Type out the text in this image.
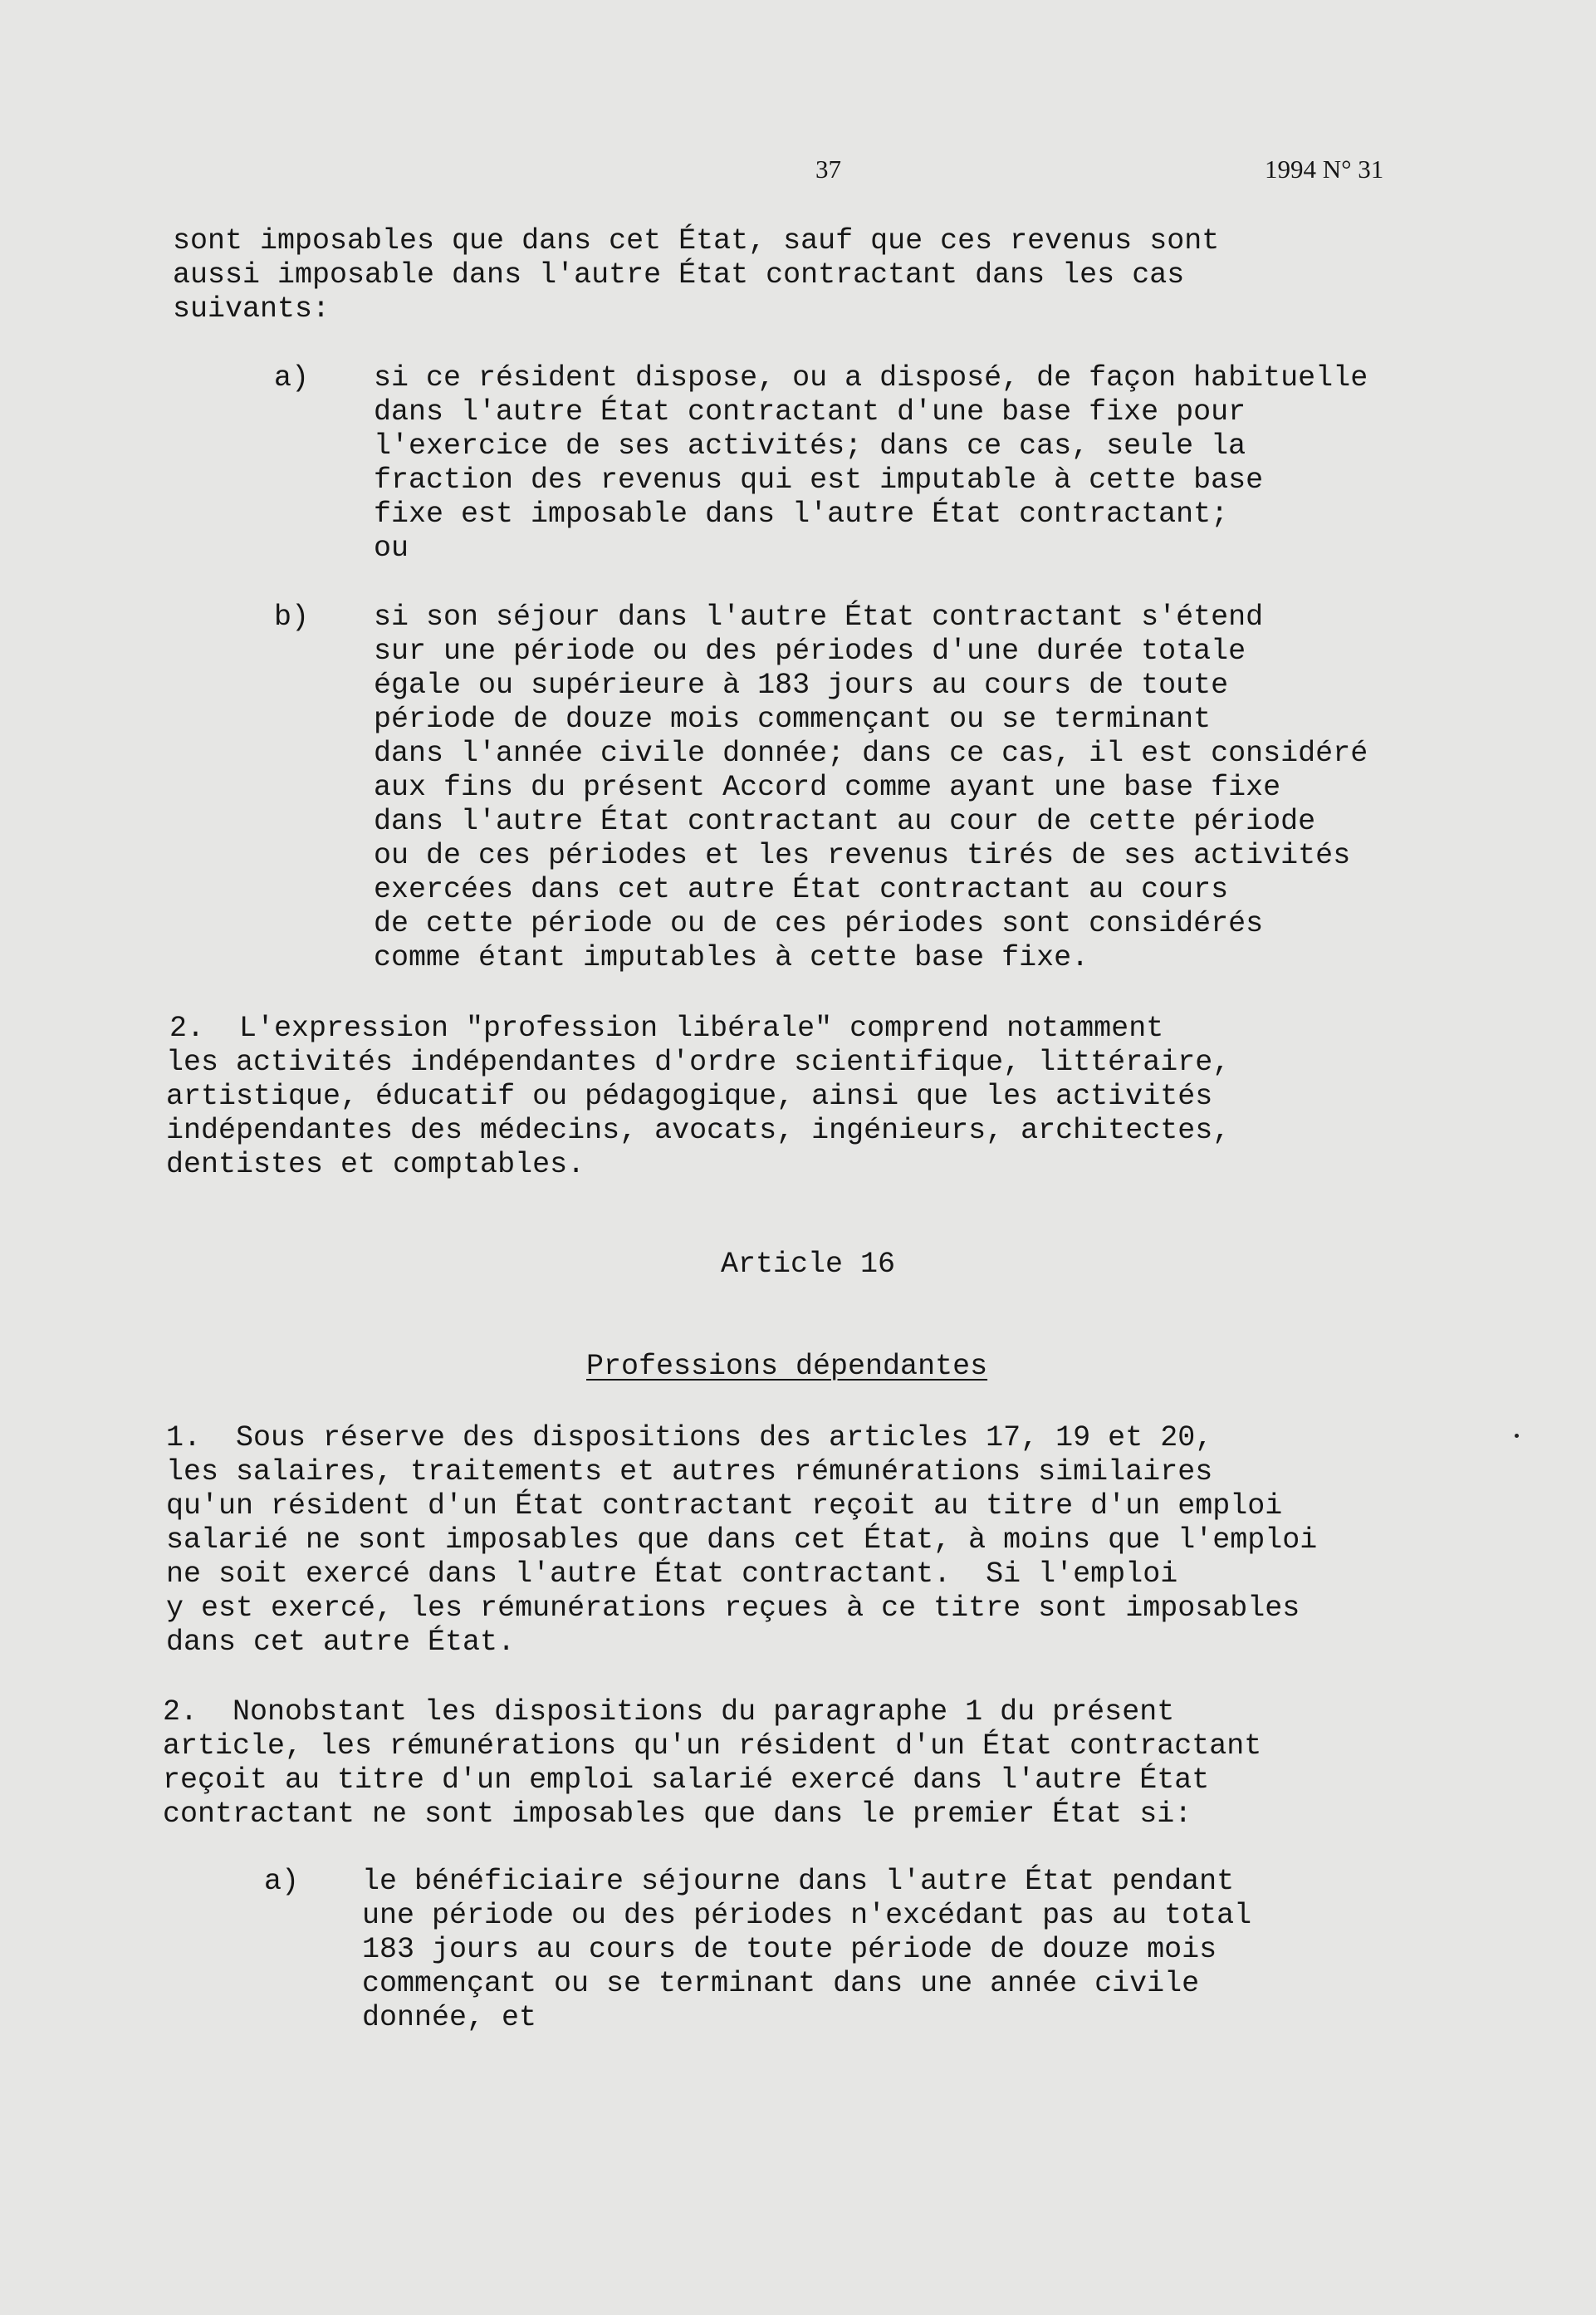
37	1994 N° 31
sont imposables que dans cet État, sauf que ces revenus sont
aussi imposable dans l'autre État contractant dans les cas
suivants:
a)	si ce résident dispose, ou a disposé, de façon habituelle
dans l'autre État contractant d'une base fixe pour
l'exercice de ses activités; dans ce cas, seule la
fraction des revenus qui est imputable à cette base
fixe est imposable dans l'autre État contractant;
ou
b)	si son séjour dans l'autre État contractant s'étend
sur une période ou des périodes d'une durée totale
égale ou supérieure à 183 jours au cours de toute
période de douze mois commençant ou se terminant
dans l'année civile donnée; dans ce cas, il est considéré
aux fins du présent Accord comme ayant une base fixe
dans l'autre État contractant au cour de cette période
ou de ces périodes et les revenus tirés de ses activités
exercées dans cet autre État contractant au cours
de cette période ou de ces périodes sont considérés
comme étant imputables à cette base fixe.
2.  L'expression "profession libérale" comprend notamment
les activités indépendantes d'ordre scientifique, littéraire,
artistique, éducatif ou pédagogique, ainsi que les activités
indépendantes des médecins, avocats, ingénieurs, architectes,
dentistes et comptables.
Article 16
Professions dépendantes
1.  Sous réserve des dispositions des articles 17, 19 et 20,
les salaires, traitements et autres rémunérations similaires
qu'un résident d'un État contractant reçoit au titre d'un emploi
salarié ne sont imposables que dans cet État, à moins que l'emploi
ne soit exercé dans l'autre État contractant.  Si l'emploi
y est exercé, les rémunérations reçues à ce titre sont imposables
dans cet autre État.
2.  Nonobstant les dispositions du paragraphe 1 du présent
article, les rémunérations qu'un résident d'un État contractant
reçoit au titre d'un emploi salarié exercé dans l'autre État
contractant ne sont imposables que dans le premier État si:
a)	le bénéficiaire séjourne dans l'autre État pendant
une période ou des périodes n'excédant pas au total
183 jours au cours de toute période de douze mois
commençant ou se terminant dans une année civile
donnée, et
